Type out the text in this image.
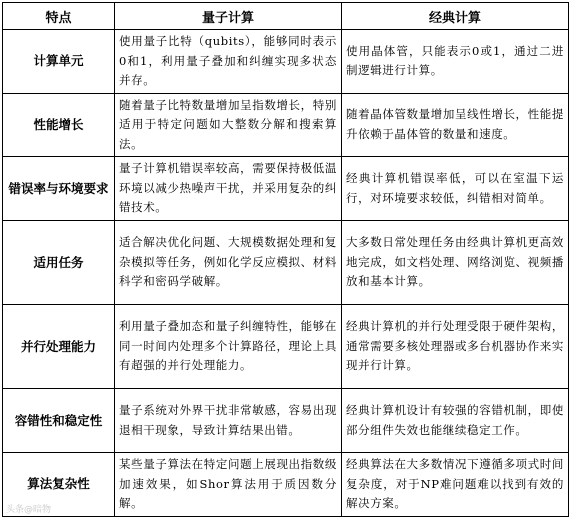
特点	量子计算	经典计算
计算单元	使用量子比特（qubits），能够同时表示0和1，利用量子叠加和纠缠实现多状态并存。	使用晶体管，只能表示0或1，通过二进制逻辑进行计算。
性能增长	随着量子比特数量增加呈指数增长，特别适用于特定问题如大整数分解和搜索算法。	随着晶体管数量增加呈线性增长，性能提升依赖于晶体管的数量和速度。
错误率与环境要求	量子计算机错误率较高，需要保持极低温环境以减少热噪声干扰，并采用复杂的纠错技术。	经典计算机错误率低，可以在室温下运行，对环境要求较低，纠错相对简单。
适用任务	适合解决优化问题、大规模数据处理和复杂模拟等任务，例如化学反应模拟、材料科学和密码学破解。	大多数日常处理任务由经典计算机更高效地完成，如文档处理、网络浏览、视频播放和基本计算。
并行处理能力	利用量子叠加态和量子纠缠特性，能够在同一时间内处理多个计算路径，理论上具有超强的并行处理能力。	经典计算机的并行处理受限于硬件架构，通常需要多核处理器或多台机器协作来实现并行计算。
容错性和稳定性	量子系统对外界干扰非常敏感，容易出现退相干现象，导致计算结果出错。	经典计算机设计有较强的容错机制，即使部分组件失效也能继续稳定工作。
算法复杂性	某些量子算法在特定问题上展现出指数级加速效果，如Shor算法用于质因数分解。	经典算法在大多数情况下遵循多项式时间复杂度，对于NP难问题难以找到有效的解决方案。
头条@暗物
